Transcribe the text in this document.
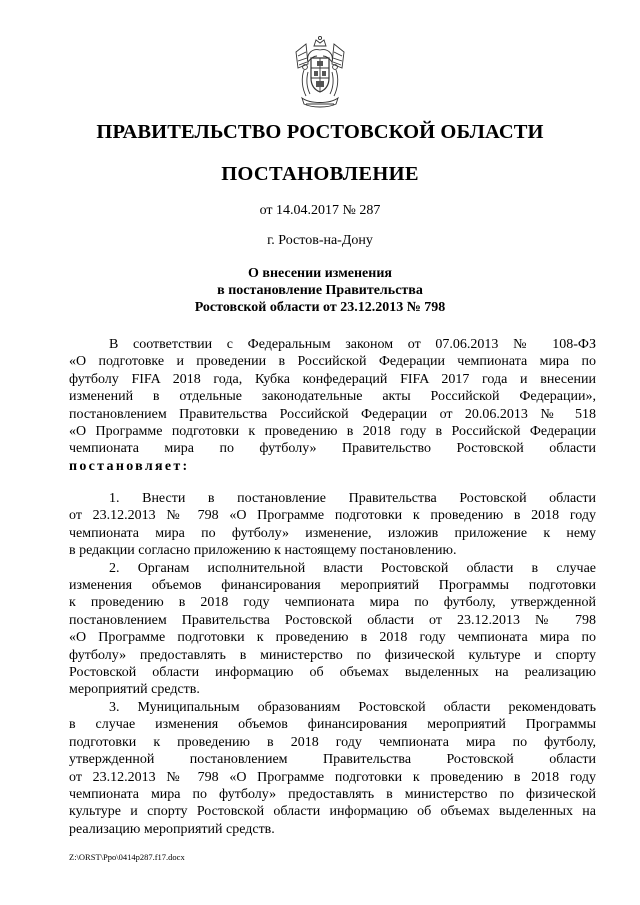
ПРАВИТЕЛЬСТВО РОСТОВСКОЙ ОБЛАСТИ
ПОСТАНОВЛЕНИЕ
от 14.04.2017 № 287
г. Ростов-на-Дону
О внесении изменения
в постановление Правительства
Ростовской области от 23.12.2013 № 798
В соответствии с Федеральным законом от 07.06.2013 № 108-ФЗ
«О подготовке и проведении в Российской Федерации чемпионата мира по
футболу FIFA 2018 года, Кубка конфедераций FIFA 2017 года и внесении
изменений в отдельные законодательные акты Российской Федерации»,
постановлением Правительства Российской Федерации от 20.06.2013 № 518
«О Программе подготовки к проведению в 2018 году в Российской Федерации
чемпионата мира по футболу» Правительство Ростовской области
постановляет:
1. Внести в постановление Правительства Ростовской области
от 23.12.2013 № 798 «О Программе подготовки к проведению в 2018 году
чемпионата мира по футболу» изменение, изложив приложение к нему
в редакции согласно приложению к настоящему постановлению.
2. Органам исполнительной власти Ростовской области в случае
изменения объемов финансирования мероприятий Программы подготовки
к проведению в 2018 году чемпионата мира по футболу, утвержденной
постановлением Правительства Ростовской области от 23.12.2013 № 798
«О Программе подготовки к проведению в 2018 году чемпионата мира по
футболу» предоставлять в министерство по физической культуре и спорту
Ростовской области информацию об объемах выделенных на реализацию
мероприятий средств.
3. Муниципальным образованиям Ростовской области рекомендовать
в случае изменения объемов финансирования мероприятий Программы
подготовки к проведению в 2018 году чемпионата мира по футболу,
утвержденной постановлением Правительства Ростовской области
от 23.12.2013 № 798 «О Программе подготовки к проведению в 2018 году
чемпионата мира по футболу» предоставлять в министерство по физической
культуре и спорту Ростовской области информацию об объемах выделенных на
реализацию мероприятий средств.
Z:\ORST\Ppo\0414p287.f17.docx
